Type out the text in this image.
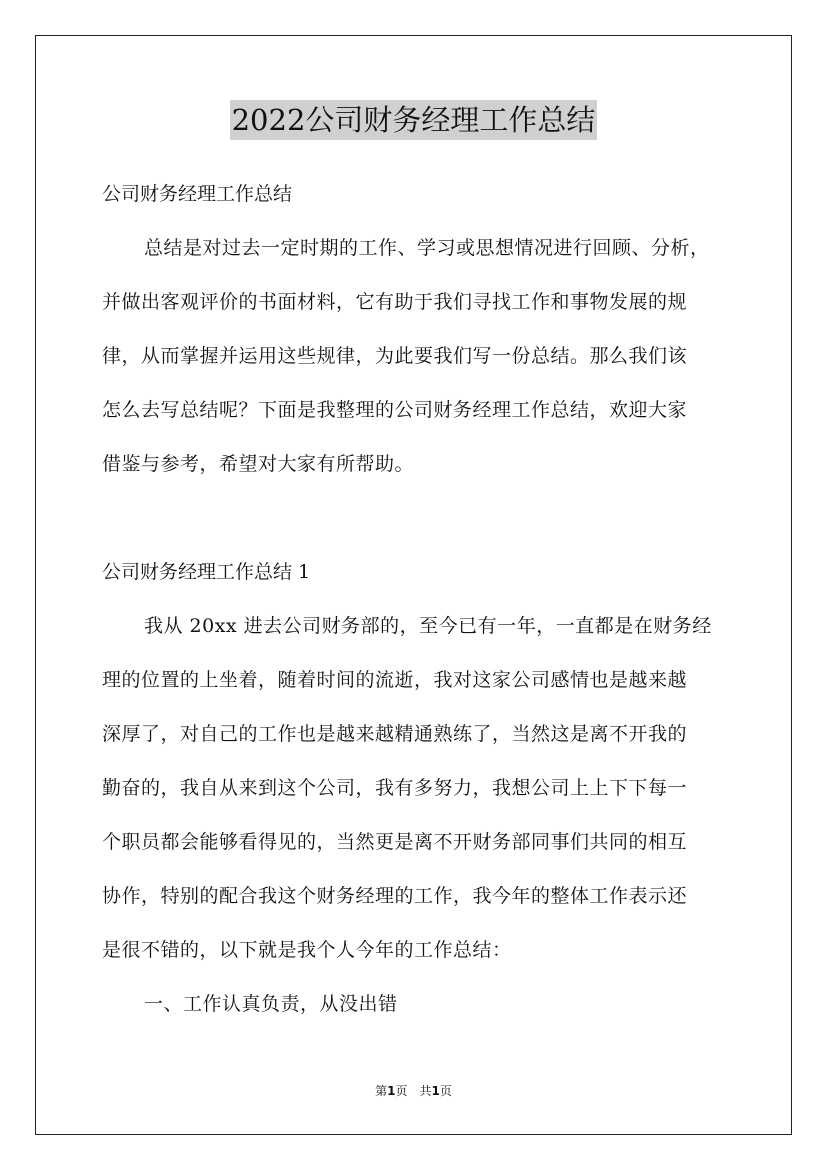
2022公司财务经理工作总结
公司财务经理工作总结
总结是对过去一定时期的工作、学习或思想情况进行回顾、分析，
并做出客观评价的书面材料，它有助于我们寻找工作和事物发展的规
律，从而掌握并运用这些规律，为此要我们写一份总结。那么我们该
怎么去写总结呢？下面是我整理的公司财务经理工作总结，欢迎大家
借鉴与参考，希望对大家有所帮助。
公司财务经理工作总结 1
我从 20xx 进去公司财务部的，至今已有一年，一直都是在财务经
理的位置的上坐着，随着时间的流逝，我对这家公司感情也是越来越
深厚了，对自己的工作也是越来越精通熟练了，当然这是离不开我的
勤奋的，我自从来到这个公司，我有多努力，我想公司上上下下每一
个职员都会能够看得见的，当然更是离不开财务部同事们共同的相互
协作，特别的配合我这个财务经理的工作，我今年的整体工作表示还
是很不错的，以下就是我个人今年的工作总结：
一、工作认真负责，从没出错
第1页　共1页
